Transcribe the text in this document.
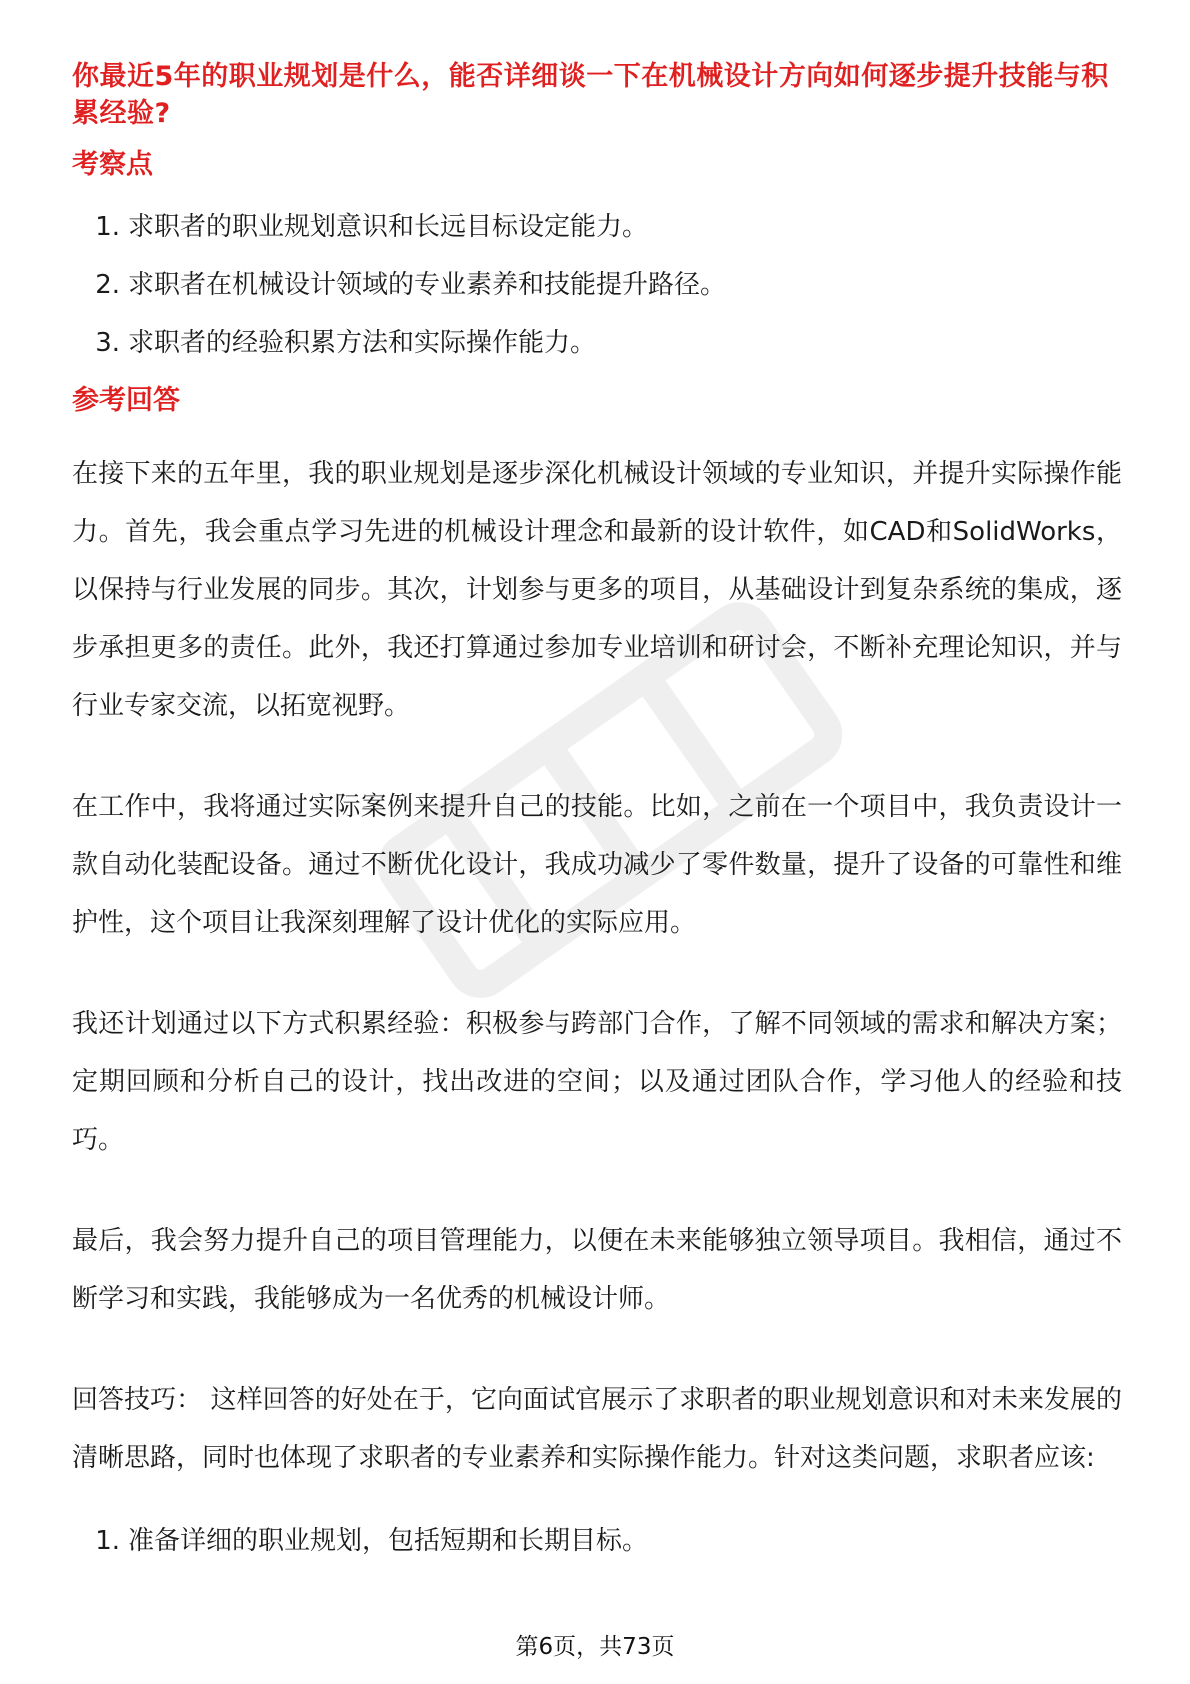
你最近5年的职业规划是什么，能否详细谈一下在机械设计方向如何逐步提升技能与积累经验?
考察点
1. 求职者的职业规划意识和长远目标设定能力。
2. 求职者在机械设计领域的专业素养和技能提升路径。
3. 求职者的经验积累方法和实际操作能力。
参考回答

在接下来的五年里，我的职业规划是逐步深化机械设计领域的专业知识，并提升实际操作能力。首先，我会重点学习先进的机械设计理念和最新的设计软件，如CAD和SolidWorks，以保持与行业发展的同步。其次，计划参与更多的项目，从基础设计到复杂系统的集成，逐步承担更多的责任。此外，我还打算通过参加专业培训和研讨会，不断补充理论知识，并与行业专家交流，以拓宽视野。

在工作中，我将通过实际案例来提升自己的技能。比如，之前在一个项目中，我负责设计一款自动化装配设备。通过不断优化设计，我成功减少了零件数量，提升了设备的可靠性和维护性，这个项目让我深刻理解了设计优化的实际应用。

我还计划通过以下方式积累经验：积极参与跨部门合作，了解不同领域的需求和解决方案；定期回顾和分析自己的设计，找出改进的空间；以及通过团队合作，学习他人的经验和技巧。

最后，我会努力提升自己的项目管理能力，以便在未来能够独立领导项目。我相信，通过不断学习和实践，我能够成为一名优秀的机械设计师。

回答技巧： 这样回答的好处在于，它向面试官展示了求职者的职业规划意识和对未来发展的清晰思路，同时也体现了求职者的专业素养和实际操作能力。针对这类问题，求职者应该:

1. 准备详细的职业规划，包括短期和长期目标。
第6页，共73页
